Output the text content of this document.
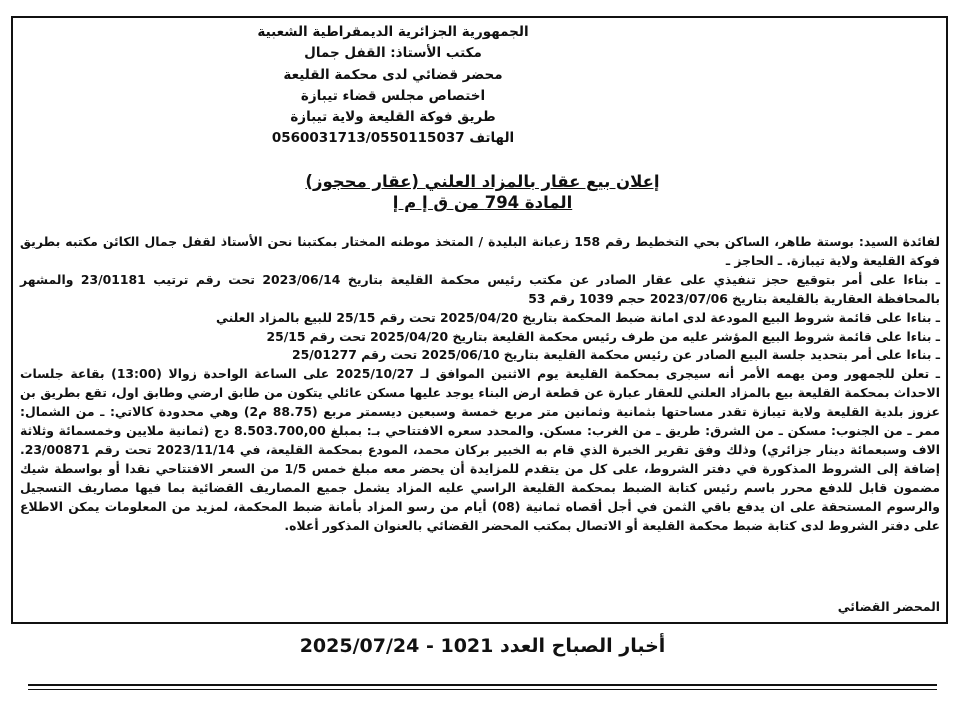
الجمهورية الجزائرية الديمقراطية الشعبية
مكتب الأستاذ: القفل جمال
محضر قضائي لدى محكمة القليعة
اختصاص مجلس قضاء تيبازة
طريق فوكة القليعة ولاية تيبازة
الهاتف 0560031713/0550115037
إعلان بيع عقار بالمزاد العلني (عقار محجوز)
المادة 794 من ق إ م إ

لفائدة السيد: بوستة طاهر، الساكن بحي التخطيط رقم 158 زعبانة البليدة / المتخذ موطنه المختار بمكتبنا نحن الأستاذ لقفل جمال الكائن مكتبه بطريق فوكة القليعة ولاية تيبازة. ـ الحاجز ـ

ـ بناءا على أمر بتوقيع حجز تنفيذي على عقار الصادر عن مكتب رئيس محكمة القليعة بتاريخ 2023/06/14 تحت رقم ترتيب 23/01181 والمشهر بالمحافظة العقارية بالقليعة بتاريخ 2023/07/06 حجم 1039 رقم 53

ـ بناءا على قائمة شروط البيع المودعة لدى امانة ضبط المحكمة بتاريخ 2025/04/20 تحت رقم 25/15 للبيع بالمزاد العلني

ـ بناءا على قائمة شروط البيع المؤشر عليه من طرف رئيس محكمة القليعة بتاريخ 2025/04/20 تحت رقم 25/15

ـ بناءا على أمر بتحديد جلسة البيع الصادر عن رئيس محكمة القليعة بتاريخ 2025/06/10 تحت رقم 25/01277

ـ تعلن للجمهور ومن يهمه الأمر أنه سيجرى بمحكمة القليعة يوم الاثنين الموافق لـ 2025/10/27 على الساعة الواحدة زوالا (13:00) بقاعة جلسات الاحداث بمحكمة القليعة بيع بالمزاد العلني للعقار عبارة عن قطعة ارض البناء يوجد عليها مسكن عائلي يتكون من طابق ارضي وطابق اول، تقع بطريق بن عزوز بلدية القليعة ولاية تيبازة تقدر مساحتها بثمانية وثمانين متر مربع خمسة وسبعين ديسمتر مربع (88.75 م2) وهي محدودة كالاتي: ـ من الشمال: ممر ـ من الجنوب: مسكن ـ من الشرق: طريق ـ من الغرب: مسكن. والمحدد سعره الافتتاحي بـ: بمبلغ 8.503.700,00 دج (ثمانية ملايين وخمسمائة وثلاثة الاف وسبعمائة دينار جزائري) وذلك وفق تقرير الخبرة الذي قام به الخبير بركان محمد، المودع بمحكمة القليعة، في 2023/11/14 تحت رقم 23/00871. إضافة إلى الشروط المذكورة في دفتر الشروط، على كل من يتقدم للمزايدة أن يحضر معه مبلغ خمس 1/5 من السعر الافتتاحي نقدا أو بواسطة شيك مضمون قابل للدفع محرر باسم رئيس كتابة الضبط بمحكمة القليعة الراسي عليه المزاد يشمل جميع المصاريف القضائية بما فيها مصاريف التسجيل والرسوم المستحقة على ان يدفع باقي الثمن في أجل أقصاه ثمانية (08) أيام من رسو المزاد بأمانة ضبط المحكمة، لمزيد من المعلومات يمكن الاطلاع على دفتر الشروط لدى كتابة ضبط محكمة القليعة أو الاتصال بمكتب المحضر القضائي بالعنوان المذكور أعلاه.

المحضر القضائي
أخبار الصباح العدد 1021 - 2025/07/24
